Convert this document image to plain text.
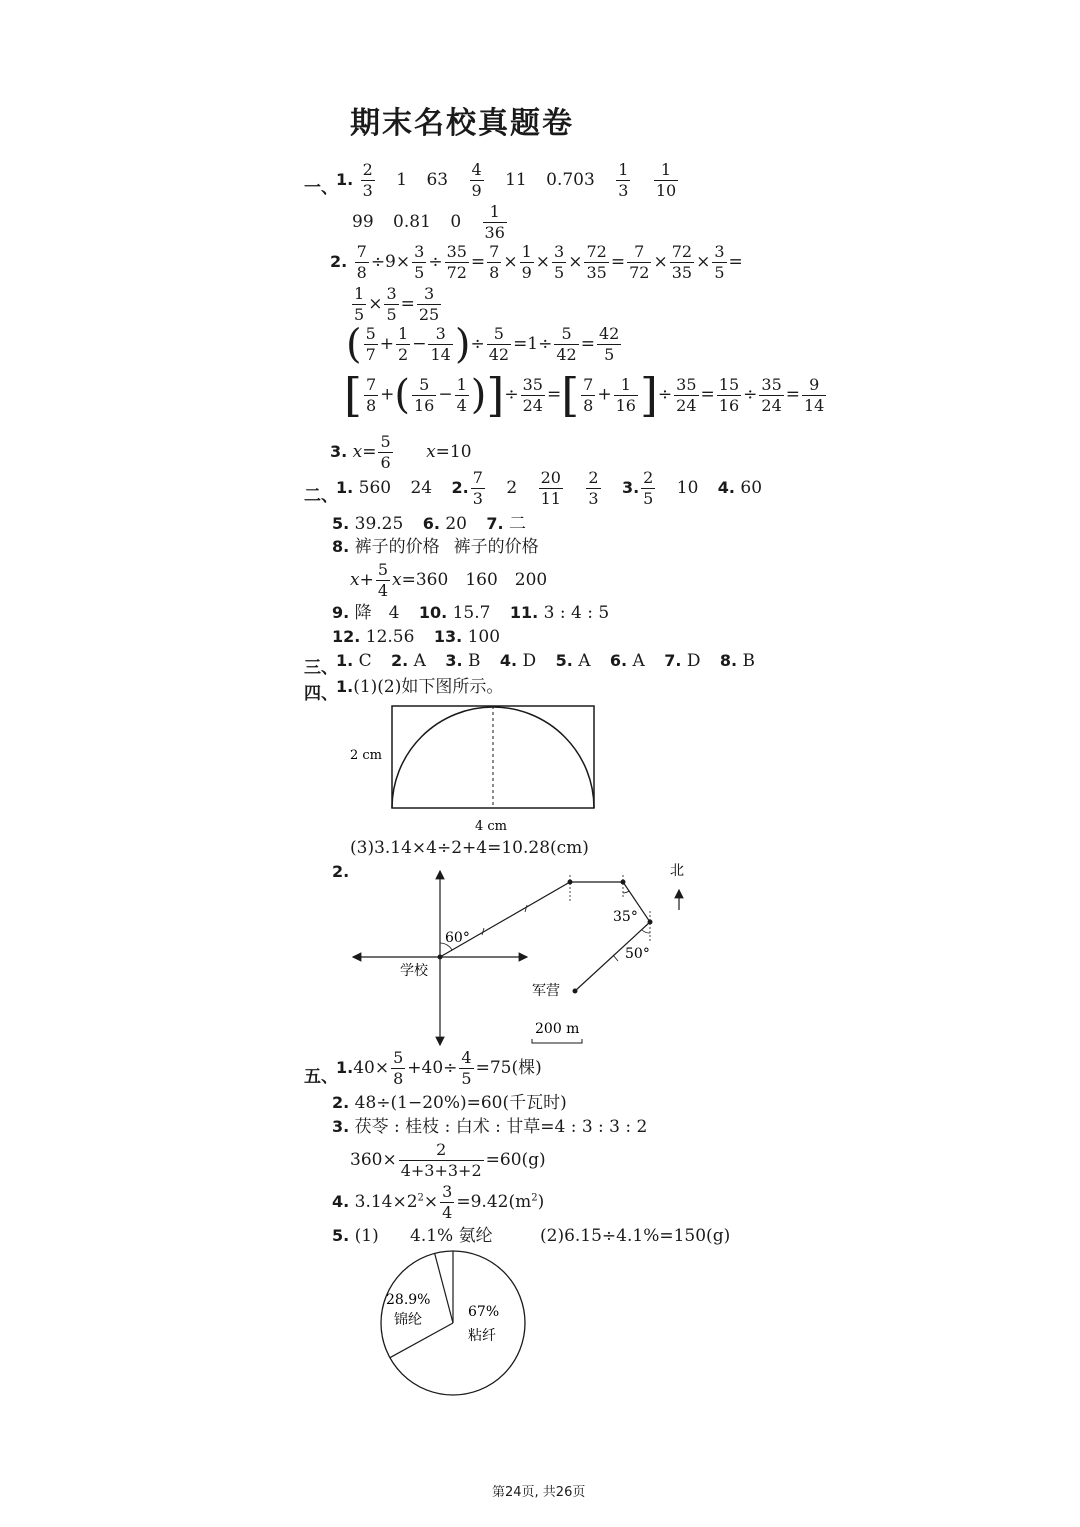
期末名校真题卷
一、
1. $\frac{2}{3} 1$ $63 \frac{4}{9} 11$ $0.703 \frac{1}{3}$
$\frac{1}{10}$
99 0.81 $0 \frac{1}{36}$
2. $\frac{7}{8} \div 9\times \frac{3}{5} \div \frac{35}{72} = \frac{7}{8} \times \frac{1}{9} \times \frac{3}{5} \times \frac{72}{35} = \frac{7}{72} \times \frac{72}{35} \times \frac{3}{5}$ =
$\frac{1}{5} \times \frac{3}{5} = \frac{3}{25}$
( $\frac{5}{7} + \frac{1}{2} - \frac{3}{14}$ )÷ $\frac{5}{42} =1\div \frac{5}{42} = \frac{42}{5}$
[ $\frac{7}{8}$ +( $\frac{5}{16} - \frac{1}{4}$ )]÷ $\frac{35}{24}$ =[ $\frac{7}{8} + \frac{1}{16}$ ]÷ $\frac{35}{24} = \frac{15}{16} \div \frac{35}{24} = \frac{9}{14}$
3. $x= \frac{5}{6} x=10$
二、
1. 560 24 2. $\frac{7}{3} 2 \frac{20}{11}$
$\frac{2}{3} 3$. $\frac{2}{5} 10$ 4. 60
5. 39.25 6. 20 7. 二
8. 裤子的价格 裤子的价格
$x+ \frac{5}{4} x=360$　160　200
9. 降　4 10. 15.7 11. 3 : 4 : 5
12. 12.56 13. 100
三、
1. C 2. A 3. B 4. D 5. A 6. A 7. D 8. B
四、
1.(1)(2)如下图所示。
2 cm
4 cm
(3)3.14×4÷2+4=10.28(cm)
2.	北
60°
35°
50°
学校
军营
200 m
五、
$1.40\times \frac{5}{8} +40\div \frac{4}{5} =75$(棵)
2. 48÷(1−20%)=60(千瓦时)
3. 茯苓 : 桂枝 : 白术 : 甘草=4 : 3 : 3 : 2
$360\times \frac{2}{4+3+3+2} =60(g)$
4. $3.14\times 2^2\times \frac{3}{4} =9.42(m^2)$
5. (1)	(2)6.15÷4.1%=150(g)
4.1% 氨纶
28.9%
锦纶	67%
粘纤
第24页, 共26页
